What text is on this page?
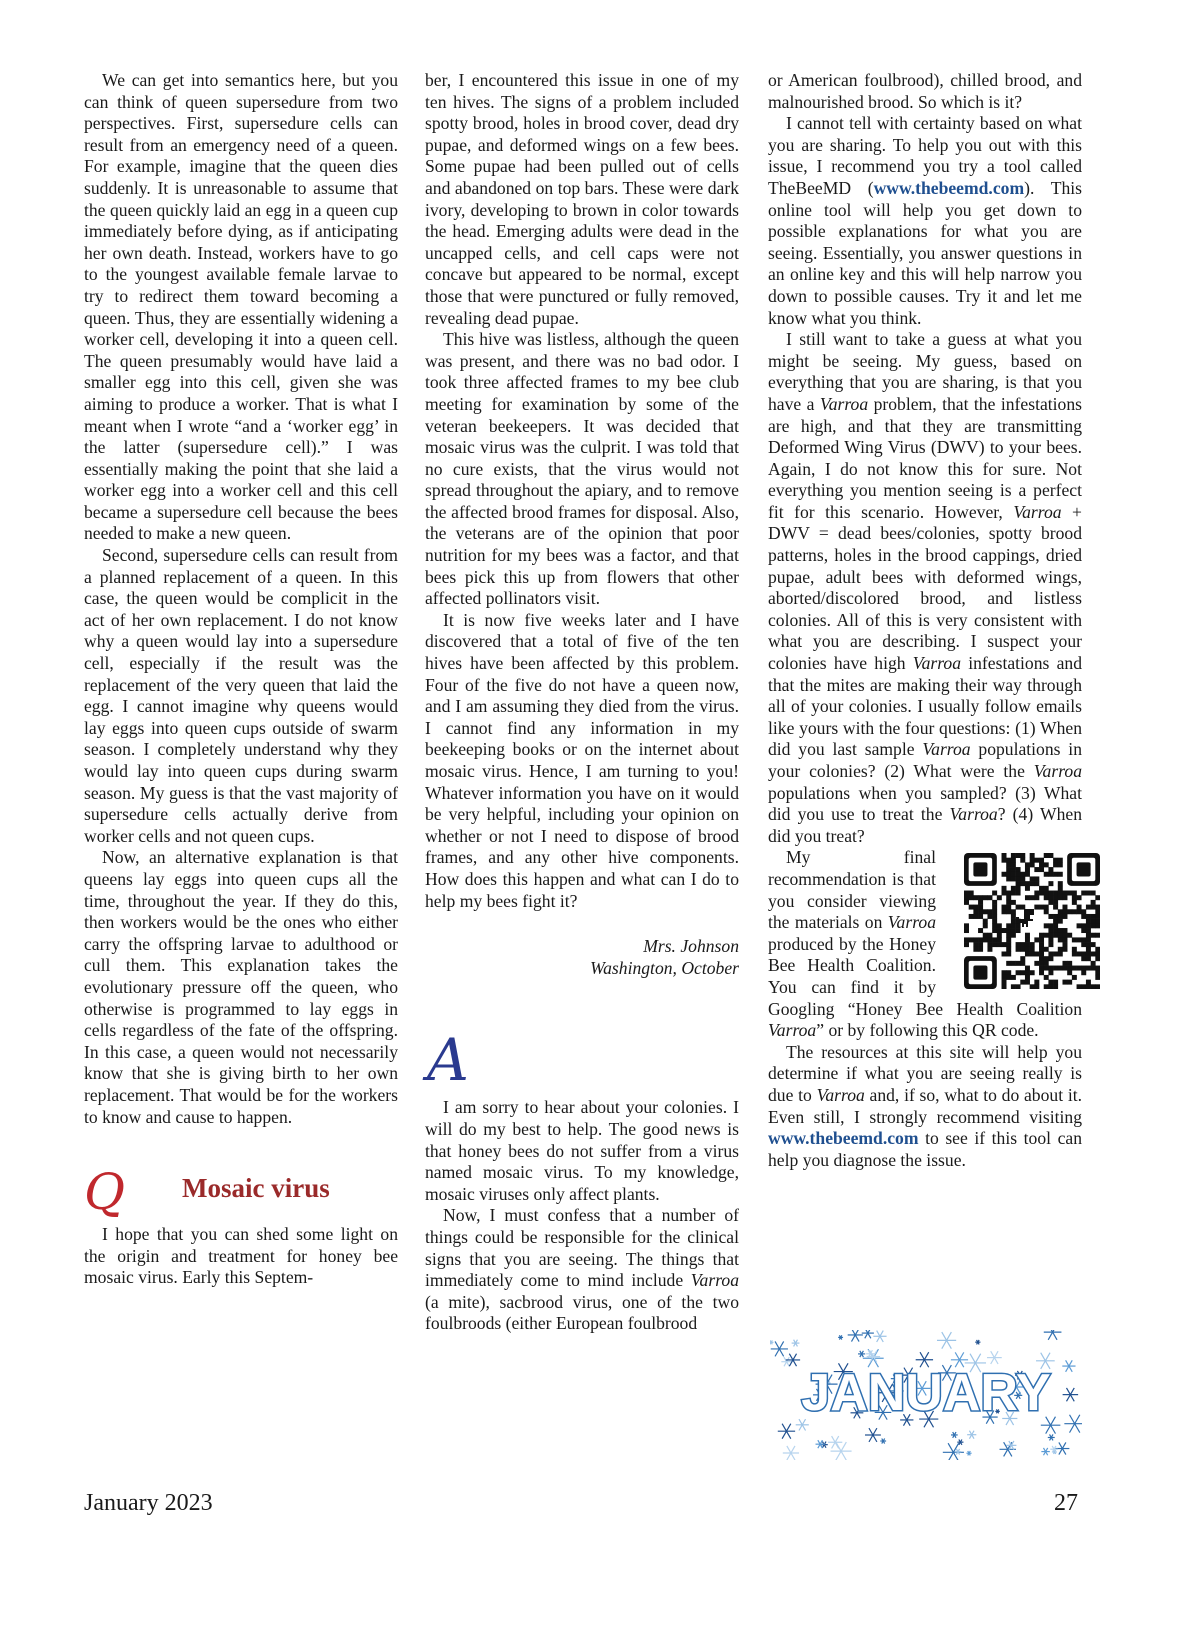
We can get into semantics here, but you can think of queen supersedure from two perspectives. First, supersedure cells can result from an emergency need of a queen. For example, imagine that the queen dies suddenly. It is unreasonable to assume that the queen quickly laid an egg in a queen cup immediately before dying, as if anticipating her own death. Instead, workers have to go to the youngest available female larvae to try to redirect them toward becoming a queen. Thus, they are essentially widening a worker cell, developing it into a queen cell. The queen presumably would have laid a smaller egg into this cell, given she was aiming to produce a worker. That is what I meant when I wrote “and a ‘worker egg’ in the latter (supersedure cell).” I was essentially making the point that she laid a worker egg into a worker cell and this cell became a supersedure cell because the bees needed to make a new queen.

Second, supersedure cells can result from a planned replacement of a queen. In this case, the queen would be complicit in the act of her own replacement. I do not know why a queen would lay into a supersedure cell, especially if the result was the replacement of the very queen that laid the egg. I cannot imagine why queens would lay eggs into queen cups outside of swarm season. I completely understand why they would lay into queen cups during swarm season. My guess is that the vast majority of supersedure cells actually derive from worker cells and not queen cups.

Now, an alternative explanation is that queens lay eggs into queen cups all the time, throughout the year. If they do this, then workers would be the ones who either carry the offspring larvae to adulthood or cull them. This explanation takes the evolutionary pressure off the queen, who otherwise is programmed to lay eggs in cells regardless of the fate of the offspring. In this case, a queen would not necessarily know that she is giving birth to her own replacement. That would be for the workers to know and cause to happen.

Q Mosaic virus

I hope that you can shed some light on the origin and treatment for honey bee mosaic virus. Early this Septem-

ber, I encountered this issue in one of my ten hives. The signs of a problem included spotty brood, holes in brood cover, dead dry pupae, and deformed wings on a few bees. Some pupae had been pulled out of cells and abandoned on top bars. These were dark ivory, developing to brown in color towards the head. Emerging adults were dead in the uncapped cells, and cell caps were not concave but appeared to be normal, except those that were punctured or fully removed, revealing dead pupae.

This hive was listless, although the queen was present, and there was no bad odor. I took three affected frames to my bee club meeting for examination by some of the veteran beekeepers. It was decided that mosaic virus was the culprit. I was told that no cure exists, that the virus would not spread throughout the apiary, and to remove the affected brood frames for disposal. Also, the veterans are of the opinion that poor nutrition for my bees was a factor, and that bees pick this up from flowers that other affected pollinators visit.

It is now five weeks later and I have discovered that a total of five of the ten hives have been affected by this problem. Four of the five do not have a queen now, and I am assuming they died from the virus. I cannot find any information in my beekeeping books or on the internet about mosaic virus. Hence, I am turning to you! Whatever information you have on it would be very helpful, including your opinion on whether or not I need to dispose of brood frames, and any other hive components. How does this happen and what can I do to help my bees fight it?

Mrs. Johnson
Washington, October
A

I am sorry to hear about your colonies. I will do my best to help. The good news is that honey bees do not suffer from a virus named mosaic virus. To my knowledge, mosaic viruses only affect plants.

Now, I must confess that a number of things could be responsible for the clinical signs that you are seeing. The things that immediately come to mind include Varroa (a mite), sacbrood virus, one of the two foulbroods (either European foulbrood

or American foulbrood), chilled brood, and malnourished brood. So which is it?

I cannot tell with certainty based on what you are sharing. To help you out with this issue, I recommend you try a tool called TheBeeMD (www.thebeemd.com). This online tool will help you get down to possible explanations for what you are seeing. Essentially, you answer questions in an online key and this will help narrow you down to possible causes. Try it and let me know what you think.

I still want to take a guess at what you might be seeing. My guess, based on everything that you are sharing, is that you have a Varroa problem, that the infestations are high, and that they are transmitting Deformed Wing Virus (DWV) to your bees. Again, I do not know this for sure. Not everything you mention seeing is a perfect fit for this scenario. However, Varroa + DWV = dead bees/colonies, spotty brood patterns, holes in the brood cappings, dried pupae, adult bees with deformed wings, aborted/discolored brood, and listless colonies. All of this is very consistent with what you are describing. I suspect your colonies have high Varroa infestations and that the mites are making their way through all of your colonies. I usually follow emails like yours with the four questions: (1) When did you last sample Varroa populations in your colonies? (2) What were the Varroa populations when you sampled? (3) What did you use to treat the Varroa? (4) When did you treat?

My final recommendation is that you consider viewing the materials on Varroa produced by the Honey Bee Health Coalition. You can find it by Googling “Honey Bee Health Coalition Varroa” or by following this QR code.

The resources at this site will help you determine if what you are seeing really is due to Varroa and, if so, what to do about it. Even still, I strongly recommend visiting www.thebeemd.com to see if this tool can help you diagnose the issue.

JANUARY
January 2023	27
